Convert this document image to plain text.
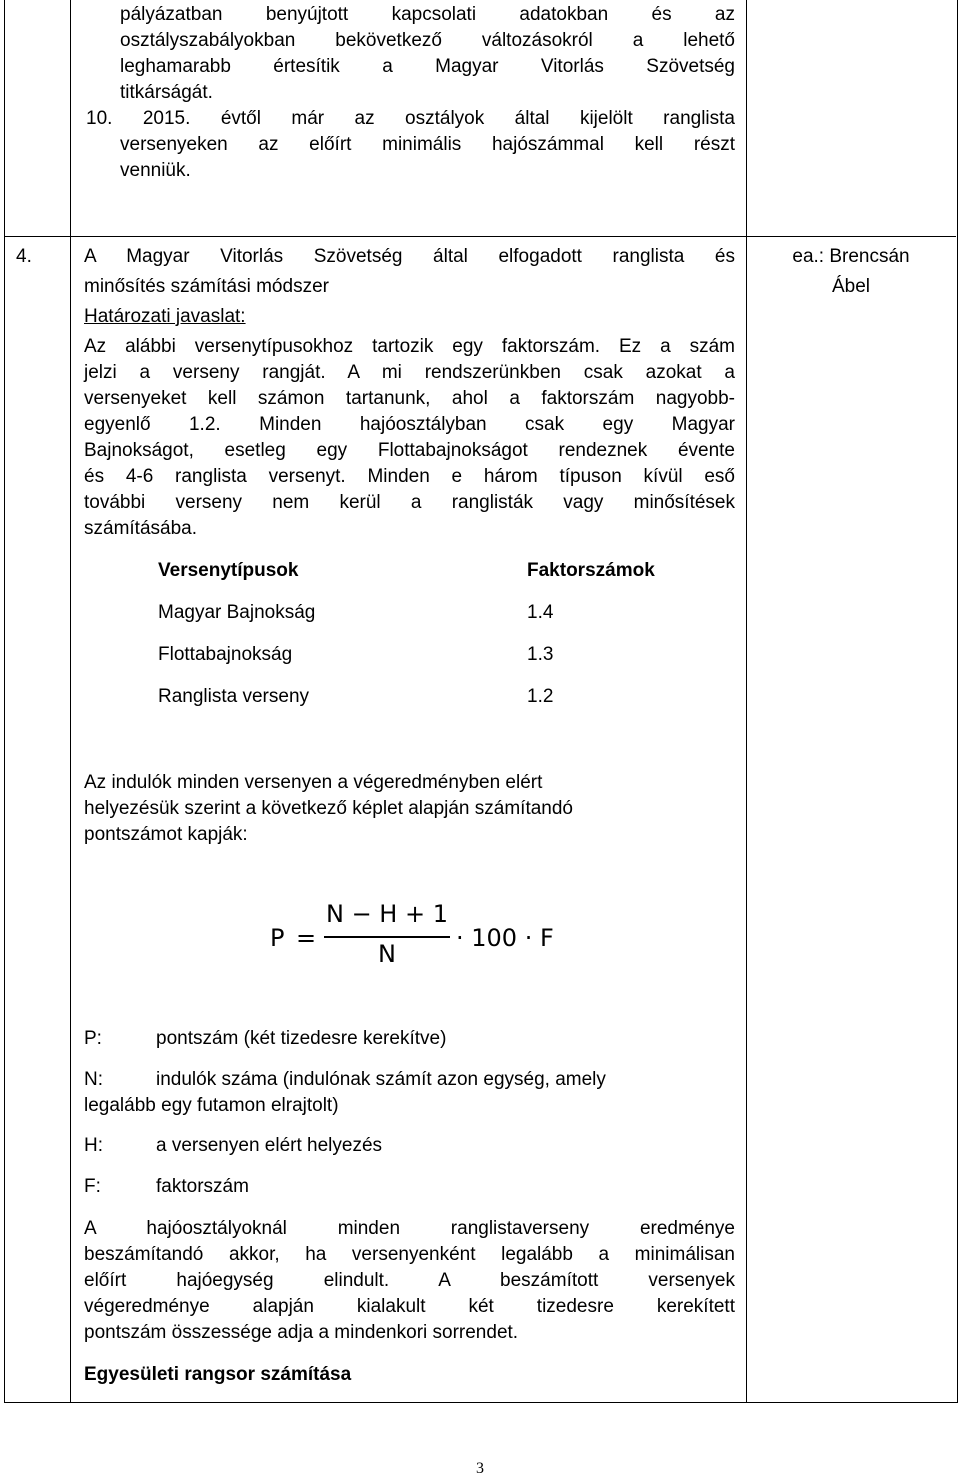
pályázatban benyújtott kapcsolati adatokban és az
osztályszabályokban bekövetkező változásokról a lehető
leghamarabb értesítik a Magyar Vitorlás Szövetség
titkárságát.
10. 2015. évtől már az osztályok által kijelölt ranglista
versenyeken az előírt minimális hajószámmal kell részt
venniük.
4.	A Magyar Vitorlás Szövetség által elfogadott ranglista és
minősítés számítási módszer
Határozati javaslat:
Az alábbi versenytípusokhoz tartozik egy faktorszám. Ez a szám
jelzi a verseny rangját. A mi rendszerünkben csak azokat a
versenyeket kell számon tartanunk, ahol a faktorszám nagyobb-
egyenlő 1.2. Minden hajóosztályban csak egy Magyar
Bajnokságot, esetleg egy Flottabajnokságot rendeznek évente
és 4-6 ranglista versenyt. Minden e három típuson kívül eső
további verseny nem kerül a ranglisták vagy minősítések
számításába.
Versenytípusok	Faktorszámok
Magyar Bajnokság	1.4
Flottabajnokság	1.3
Ranglista verseny	1.2
Az indulók minden versenyen a végeredményben elért
helyezésük szerint a következő képlet alapján számítandó
pontszámot kapják:
P =
N − H + 1
N
· 100 · F
P:	pontszám (két tizedesre kerekítve)
N:	indulók száma (indulónak számít azon egység, amely
legalább egy futamon elrajtolt)
H:	a versenyen elért helyezés
F:	faktorszám
A hajóosztályoknál minden ranglistaverseny eredménye
beszámítandó akkor, ha versenyenként legalább a minimálisan
előírt hajóegység elindult. A beszámított versenyek
végeredménye alapján kialakult két tizedesre kerekített
pontszám összessége adja a mindenkori sorrendet.
Egyesületi rangsor számítása
ea.: Brencsán
Ábel
3
